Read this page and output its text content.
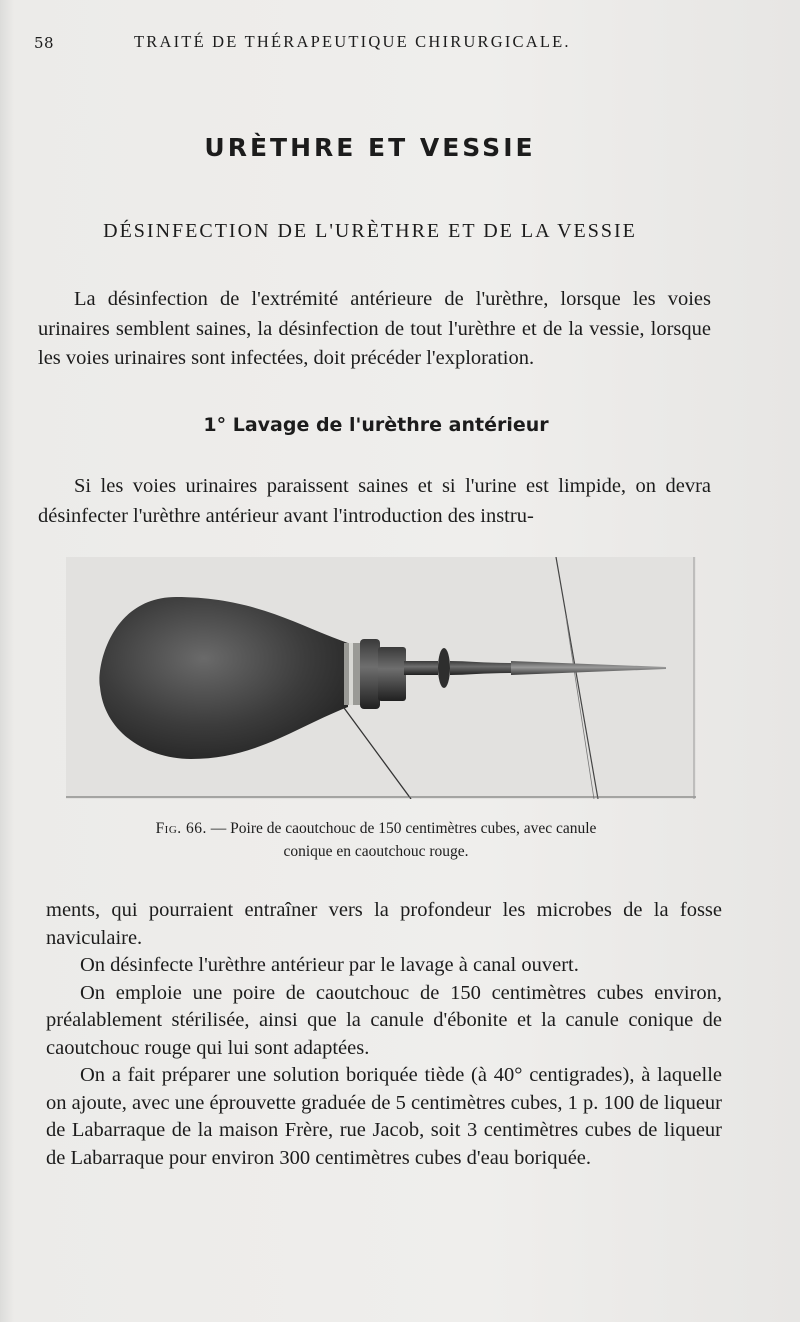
58	TRAITÉ DE THÉRAPEUTIQUE CHIRURGICALE.
URÈTHRE ET VESSIE
DÉSINFECTION DE L'URÈTHRE ET DE LA VESSIE

La désinfection de l'extrémité antérieure de l'urèthre, lorsque les voies urinaires semblent saines, la désinfection de tout l'urèthre et de la vessie, lorsque les voies urinaires sont infectées, doit précéder l'exploration.

1° Lavage de l'urèthre antérieur

Si les voies urinaires paraissent saines et si l'urine est limpide, on devra désinfecter l'urèthre antérieur avant l'introduction des instru-

Fig. 66. — Poire de caoutchouc de 150 centimètres cubes, avec canule
conique en caoutchouc rouge.

ments, qui pourraient entraîner vers la profondeur les microbes de la fosse naviculaire.

On désinfecte l'urèthre antérieur par le lavage à canal ouvert.

On emploie une poire de caoutchouc de 150 centimètres cubes environ, préalablement stérilisée, ainsi que la canule d'ébonite et la canule conique de caoutchouc rouge qui lui sont adaptées.

On a fait préparer une solution boriquée tiède (à 40° centigrades), à laquelle on ajoute, avec une éprouvette graduée de 5 centimètres cubes, 1 p. 100 de liqueur de Labarraque de la maison Frère, rue Jacob, soit 3 centimètres cubes de liqueur de Labarraque pour environ 300 centimètres cubes d'eau boriquée.
